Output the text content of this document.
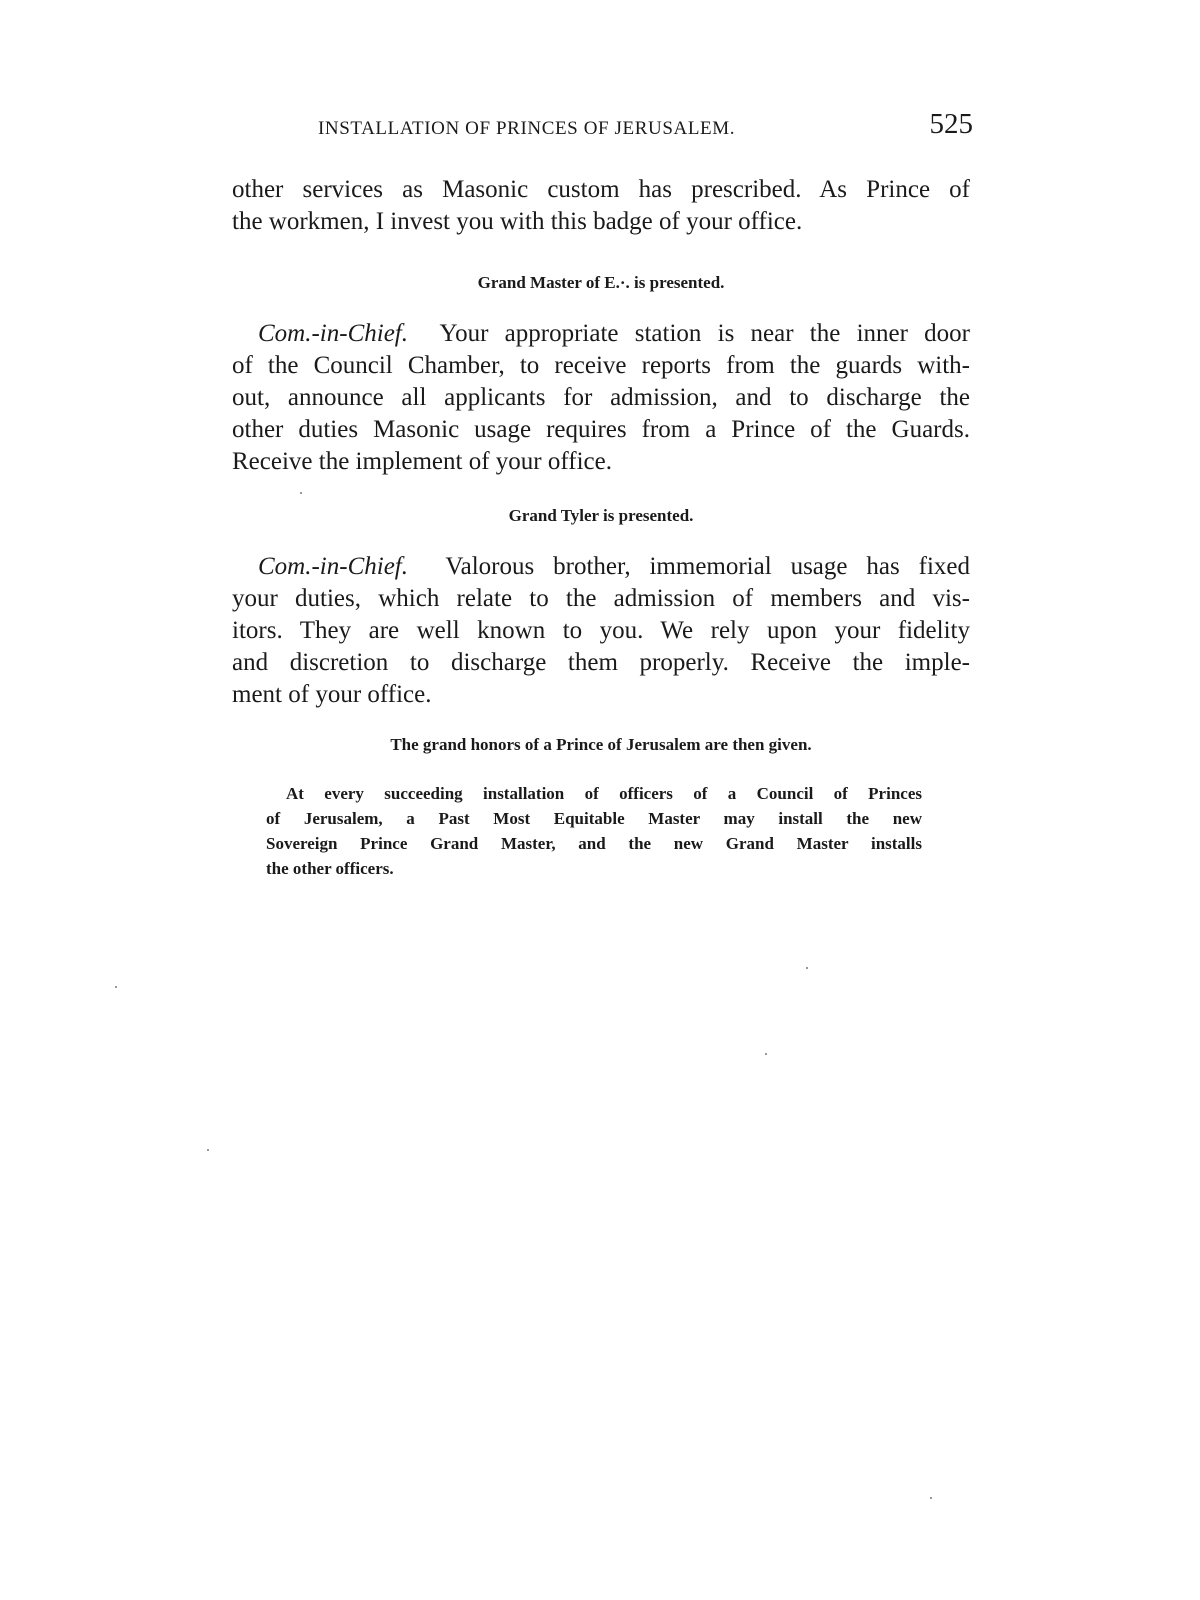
INSTALLATION OF PRINCES OF JERUSALEM.	525
other services as Masonic custom has prescribed. As Prince of
the workmen, I invest you with this badge of your office.

Grand Master of E.·. is presented.

Com.-in-Chief. Your appropriate station is near the inner door
of the Council Chamber, to receive reports from the guards with-
out, announce all applicants for admission, and to discharge the
other duties Masonic usage requires from a Prince of the Guards.
Receive the implement of your office.

Grand Tyler is presented.

Com.-in-Chief. Valorous brother, immemorial usage has fixed
your duties, which relate to the admission of members and vis-
itors. They are well known to you. We rely upon your fidelity
and discretion to discharge them properly. Receive the imple-
ment of your office.

The grand honors of a Prince of Jerusalem are then given.

At every succeeding installation of officers of a Council of Princes
of Jerusalem, a Past Most Equitable Master may install the new
Sovereign Prince Grand Master, and the new Grand Master installs
the other officers.
